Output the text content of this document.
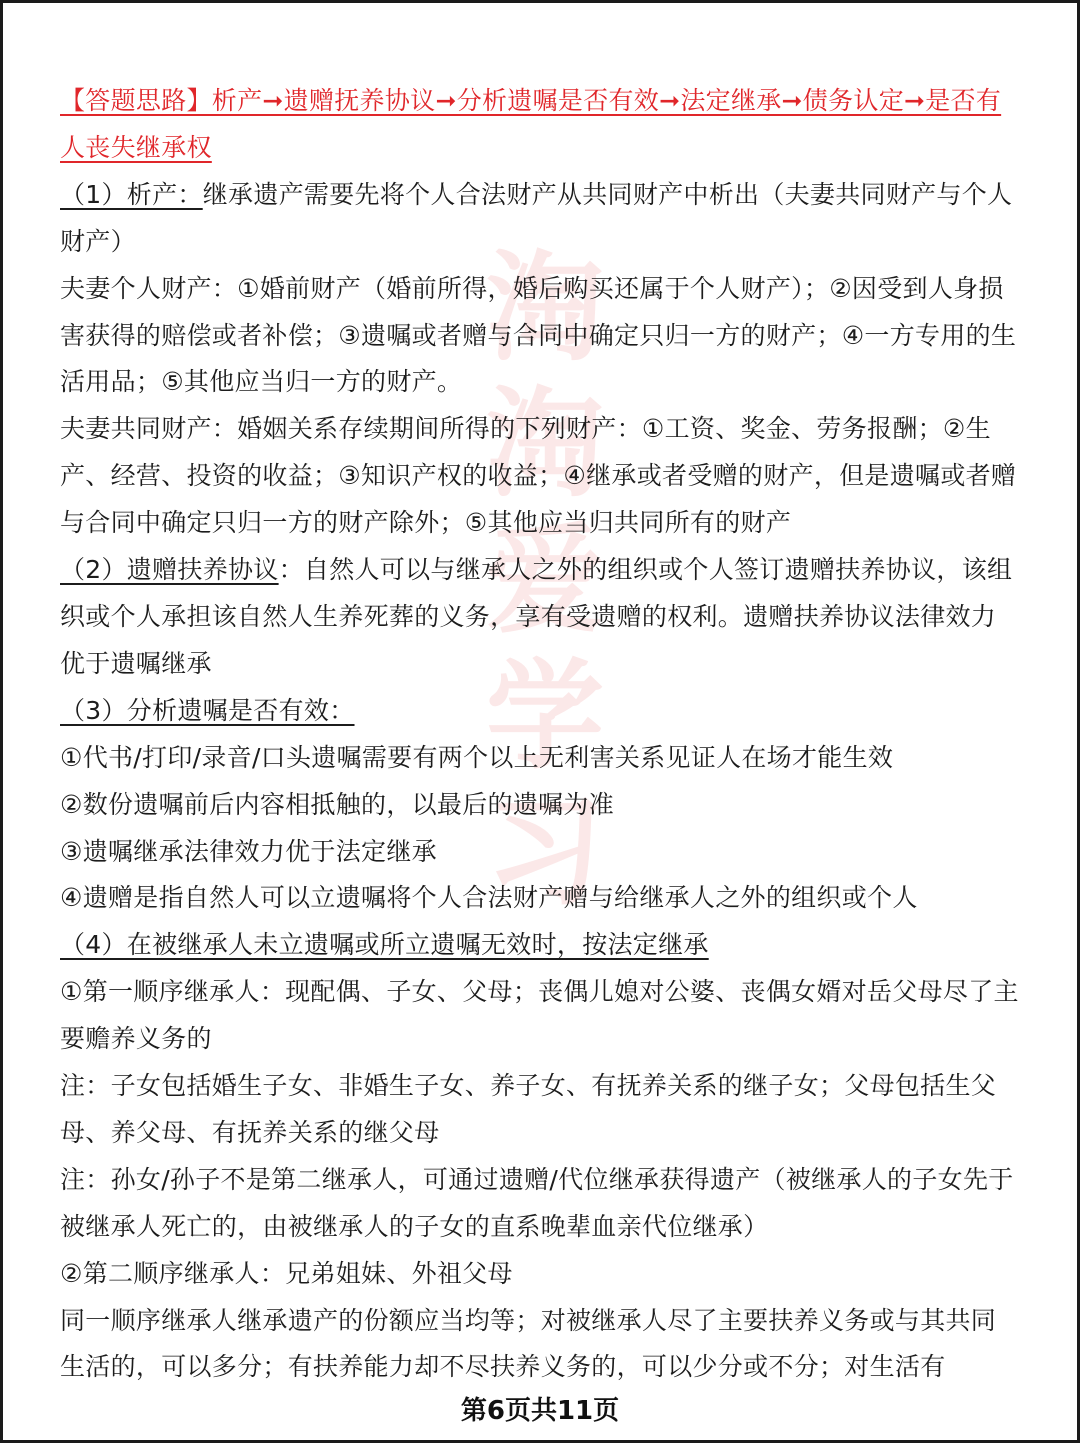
【答题思路】析产➞遗赠抚养协议➞分析遗嘱是否有效➞法定继承➞债务认定➞是否有人丧失继承权

（1）析产：继承遗产需要先将个人合法财产从共同财产中析出（夫妻共同财产与个人财产）

夫妻个人财产：①婚前财产（婚前所得，婚后购买还属于个人财产）；②因受到人身损害获得的赔偿或者补偿；③遗嘱或者赠与合同中确定只归一方的财产；④一方专用的生活用品；⑤其他应当归一方的财产。

夫妻共同财产：婚姻关系存续期间所得的下列财产：①工资、奖金、劳务报酬；②生产、经营、投资的收益；③知识产权的收益；④继承或者受赠的财产，但是遗嘱或者赠与合同中确定只归一方的财产除外；⑤其他应当归共同所有的财产

（2）遗赠扶养协议：自然人可以与继承人之外的组织或个人签订遗赠扶养协议，该组织或个人承担该自然人生养死葬的义务，享有受遗赠的权利。遗赠扶养协议法律效力优于遗嘱继承

（3）分析遗嘱是否有效：

①代书/打印/录音/口头遗嘱需要有两个以上无利害关系见证人在场才能生效

②数份遗嘱前后内容相抵触的，以最后的遗嘱为准

③遗嘱继承法律效力优于法定继承

④遗赠是指自然人可以立遗嘱将个人合法财产赠与给继承人之外的组织或个人

（4）在被继承人未立遗嘱或所立遗嘱无效时，按法定继承

①第一顺序继承人：现配偶、子女、父母；丧偶儿媳对公婆、丧偶女婿对岳父母尽了主要赡养义务的

注：子女包括婚生子女、非婚生子女、养子女、有抚养关系的继子女；父母包括生父母、养父母、有抚养关系的继父母

注：孙女/孙子不是第二继承人，可通过遗赠/代位继承获得遗产（被继承人的子女先于被继承人死亡的，由被继承人的子女的直系晚辈血亲代位继承）

②第二顺序继承人：兄弟姐妹、外祖父母

同一顺序继承人继承遗产的份额应当均等；对被继承人尽了主要扶养义务或与其共同生活的，可以多分；有扶养能力却不尽扶养义务的，可以少分或不分；对生活有

第6页共11页
